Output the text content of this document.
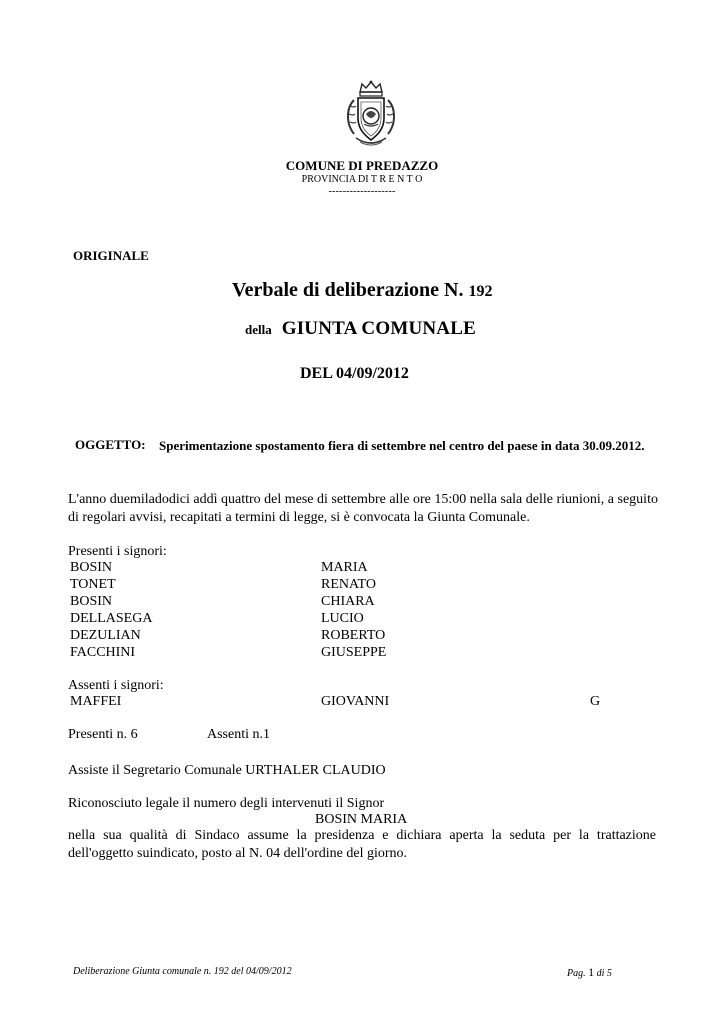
COMUNE DI PREDAZZO
PROVINCIA DI T R E N T O
-------------------
ORIGINALE
Verbale di deliberazione N. 192
della GIUNTA COMUNALE
DEL 04/09/2012
OGGETTO: Sperimentazione spostamento fiera di settembre nel centro del paese in data 30.09.2012.
L'anno duemiladodici addì quattro del mese di settembre alle ore 15:00 nella sala delle riunioni, a seguito di regolari avvisi, recapitati a termini di legge, si è convocata la Giunta Comunale.
Presenti i signori:
BOSIN	MARIA
TONET	RENATO
BOSIN	CHIARA
DELLASEGA	LUCIO
DEZULIAN	ROBERTO
FACCHINI	GIUSEPPE
Assenti i signori:
MAFFEI	GIOVANNI	G
Presenti n. 6	Assenti n.1
Assiste il Segretario Comunale URTHALER CLAUDIO
Riconosciuto legale il numero degli intervenuti il Signor
BOSIN MARIA
nella sua qualità di Sindaco assume la presidenza e dichiara aperta la seduta per la trattazione dell'oggetto suindicato, posto al N. 04 dell'ordine del giorno.
Deliberazione Giunta comunale n. 192 del 04/09/2012	Pag. 1 di 5
